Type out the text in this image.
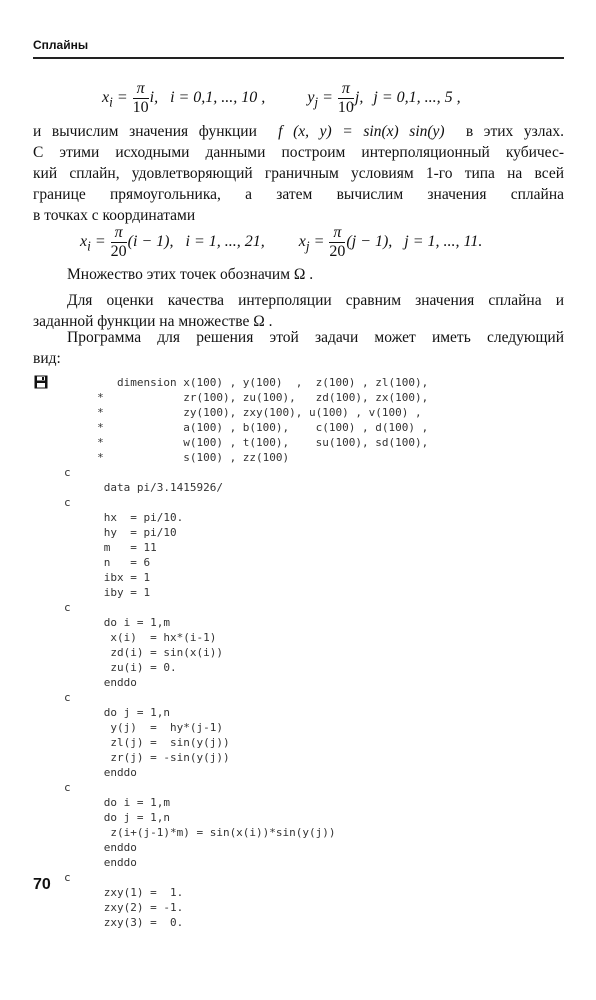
Сплайны
$x_i = \frac{\pi}{10} i$, i = 0,1, ..., 10 ,	$y_j = \frac{\pi}{10} j$, j = 0,1, ..., 5 ,
и вычислим значения функции f (x, y) = sin(x) sin(y) в этих узлах.
С этими исходными данными построим интерполяционный кубичес-
кий сплайн, удовлетворяющий граничным условиям 1-го типа на всей
границе прямоугольника, а затем вычислим значения сплайна
в точках с координатами
$x_i = \frac{\pi}{20} (i - 1)$, i = 1, ..., 21, $x_j = \frac{\pi}{20} (j - 1)$, j = 1, ..., 11.
Множество этих точек обозначим Ω .
Для оценки качества интерполяции сравним значения сплайна и
заданной функции на множестве Ω .
Программа для решения этой задачи может иметь следующий
вид:
dimension x(100) , y(100)  ,  z(100) , zl(100),
*            zr(100), zu(100),   zd(100), zx(100),
*            zy(100), zxy(100), u(100) , v(100) ,
*            a(100) , b(100),    c(100) , d(100) ,
*            w(100) , t(100),    su(100), sd(100),
*            s(100) , zz(100)
c
data pi/3.1415926/
c
hx  = pi/10.
hy  = pi/10
m   = 11
n   = 6
ibx = 1
iby = 1
c
do i = 1,m
x(i)  = hx*(i-1)
zd(i) = sin(x(i))
zu(i) = 0.
enddo
c
do j = 1,n
y(j)  =  hy*(j-1)
zl(j) =  sin(y(j))
zr(j) = -sin(y(j))
enddo
c
do i = 1,m
do j = 1,n
z(i+(j-1)*m) = sin(x(i))*sin(y(j))
enddo
enddo
c
zxy(1) =  1.
zxy(2) = -1.
zxy(3) =  0.
70
